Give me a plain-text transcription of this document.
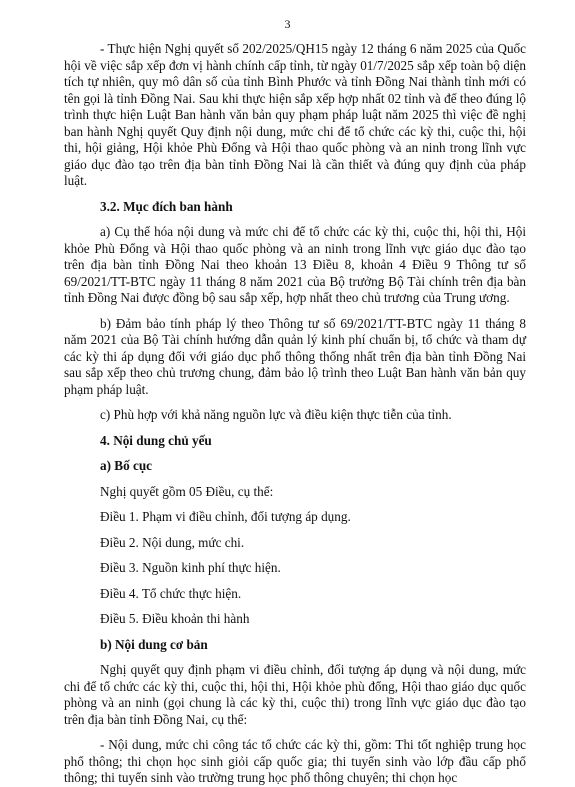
3

- Thực hiện Nghị quyết số 202/2025/QH15 ngày 12 tháng 6 năm 2025 của Quốc hội về việc sắp xếp đơn vị hành chính cấp tỉnh, từ ngày 01/7/2025 sắp xếp toàn bộ diện tích tự nhiên, quy mô dân số của tỉnh Bình Phước và tỉnh Đồng Nai thành tỉnh mới có tên gọi là tỉnh Đồng Nai. Sau khi thực hiện sắp xếp hợp nhất 02 tỉnh và để theo đúng lộ trình thực hiện Luật Ban hành văn bản quy phạm pháp luật năm 2025 thì việc đề nghị ban hành Nghị quyết Quy định nội dung, mức chi để tổ chức các kỳ thi, cuộc thi, hội thi, hội giảng, Hội khỏe Phù Đổng và Hội thao quốc phòng và an ninh trong lĩnh vực giáo dục đào tạo trên địa bàn tỉnh Đồng Nai là cần thiết và đúng quy định của pháp luật.

3.2. Mục đích ban hành

a) Cụ thể hóa nội dung và mức chi để tổ chức các kỳ thi, cuộc thi, hội thi, Hội khỏe Phù Đổng và Hội thao quốc phòng và an ninh trong lĩnh vực giáo dục đào tạo trên địa bàn tỉnh Đồng Nai theo khoản 13 Điều 8, khoản 4 Điều 9 Thông tư số 69/2021/TT-BTC ngày 11 tháng 8 năm 2021 của Bộ trưởng Bộ Tài chính trên địa bàn tỉnh Đồng Nai được đồng bộ sau sắp xếp, hợp nhất theo chủ trương của Trung ương.

b) Đảm bảo tính pháp lý theo Thông tư số 69/2021/TT-BTC ngày 11 tháng 8 năm 2021 của Bộ Tài chính hướng dẫn quản lý kinh phí chuẩn bị, tổ chức và tham dự các kỳ thi áp dụng đối với giáo dục phổ thông thống nhất trên địa bàn tỉnh Đồng Nai sau sắp xếp theo chủ trương chung, đảm bảo lộ trình theo Luật Ban hành văn bản quy phạm pháp luật.

c) Phù hợp với khả năng nguồn lực và điều kiện thực tiễn của tỉnh.

4. Nội dung chủ yếu

a) Bố cục

Nghị quyết gồm 05 Điều, cụ thể:

Điều 1. Phạm vi điều chỉnh, đối tượng áp dụng.

Điều 2. Nội dung, mức chi.

Điều 3. Nguồn kinh phí thực hiện.

Điều 4. Tổ chức thực hiện.

Điều 5. Điều khoản thi hành

b) Nội dung cơ bản

Nghị quyết quy định phạm vi điều chỉnh, đối tượng áp dụng và nội dung, mức chi để tổ chức các kỳ thi, cuộc thi, hội thi, Hội khỏe phù đổng, Hội thao giáo dục quốc phòng và an ninh (gọi chung là các kỳ thi, cuộc thi) trong lĩnh vực giáo dục đào tạo trên địa bàn tỉnh Đồng Nai, cụ thể:

- Nội dung, mức chi công tác tổ chức các kỳ thi, gồm: Thi tốt nghiệp trung học phổ thông; thi chọn học sinh giỏi cấp quốc gia; thi tuyển sinh vào lớp đầu cấp phổ thông; thi tuyển sinh vào trường trung học phổ thông chuyên; thi chọn học
